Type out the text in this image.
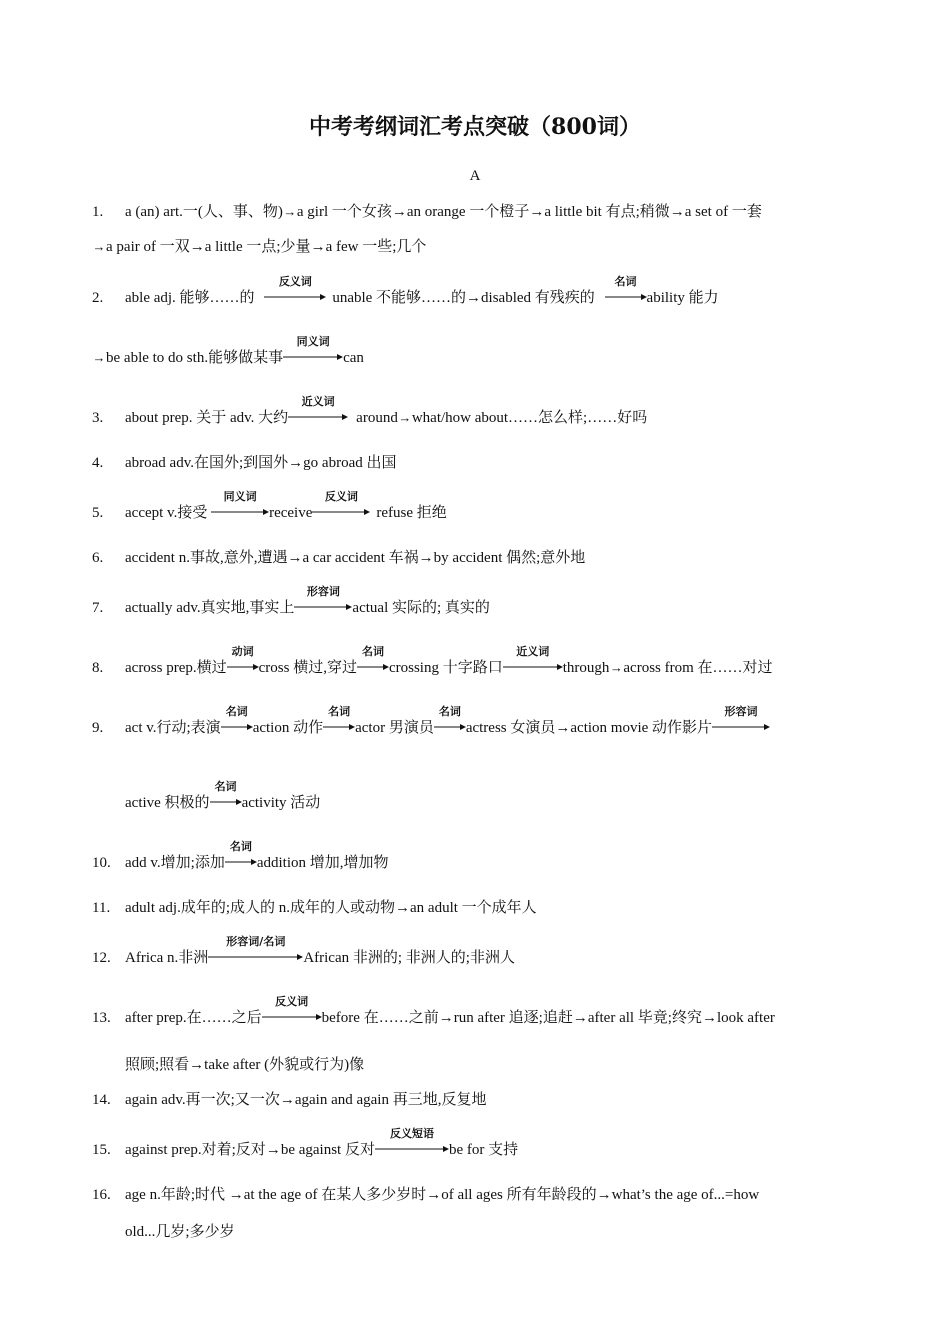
中考考纲词汇考点突破（800词）
A
1. a (an) art.一(人、事、物)→a girl 一个女孩→an orange 一个橙子→a little bit 有点;稍微→a set of 一套
→a pair of 一双→a little 一点;少量→a few 一些;几个
2. able adj. 能够……的
反义词
unable 不能够……的→disabled 有残疾的
名词
ability 能力
→be able to do sth.能够做某事
同义词
can
3. about prep. 关于 adv. 大约
近义词
around→what/how about……怎么样;……好吗
4. abroad adv.在国外;到国外→go abroad 出国
5. accept v.接受
同义词
receive
反义词
refuse 拒绝
6. accident n.事故,意外,遭遇→a car accident 车祸→by accident 偶然;意外地
7. actually adv.真实地,事实上
形容词
actual 实际的; 真实的
8. across prep.横过
动词
cross 横过,穿过
名词
crossing 十字路口
近义词
through→across from 在……对过
9. act v.行动;表演
名词
action 动作
名词
actor 男演员
名词
actress 女演员→action movie 动作影片
形容词
active 积极的
名词
activity 活动
10. add v.增加;添加
名词
addition 增加,增加物
11. adult adj.成年的;成人的 n.成年的人或动物→an adult 一个成年人
12. Africa n.非洲
形容词/名词
African 非洲的; 非洲人的;非洲人
13. after prep.在……之后
反义词
before 在……之前→run after 追逐;追赶→after all 毕竟;终究→look after
照顾;照看→take after (外貌或行为)像
14. again adv.再一次;又一次→again and again 再三地,反复地
15. against prep.对着;反对→be against 反对
反义短语
be for 支持
16. age n.年龄;时代 →at the age of 在某人多少岁时→of all ages 所有年龄段的→what’s the age of...=how
old...几岁;多少岁
